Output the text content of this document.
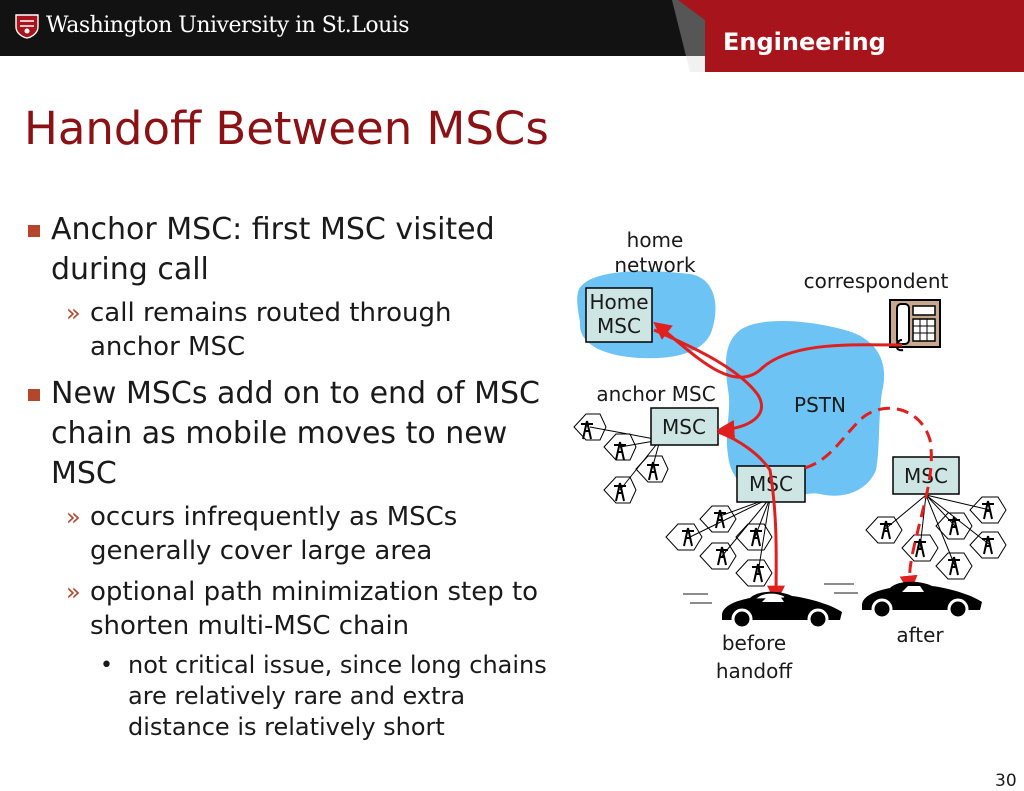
Washington University in St.Louis
Engineering
Handoff Between MSCs
Anchor MSC: first MSC visited during call
» call remains routed through anchor MSC
New MSCs add on to end of MSC chain as mobile moves to new MSC
» occurs infrequently as MSCs generally cover large area
» optional path minimization step to shorten multi-MSC chain
• not critical issue, since long chains are relatively rare and extra distance is relatively short
home
network
correspondent
anchor MSC	PSTN
Home
MSC
MSC
MSC	MSC
before
handoff
after
30
